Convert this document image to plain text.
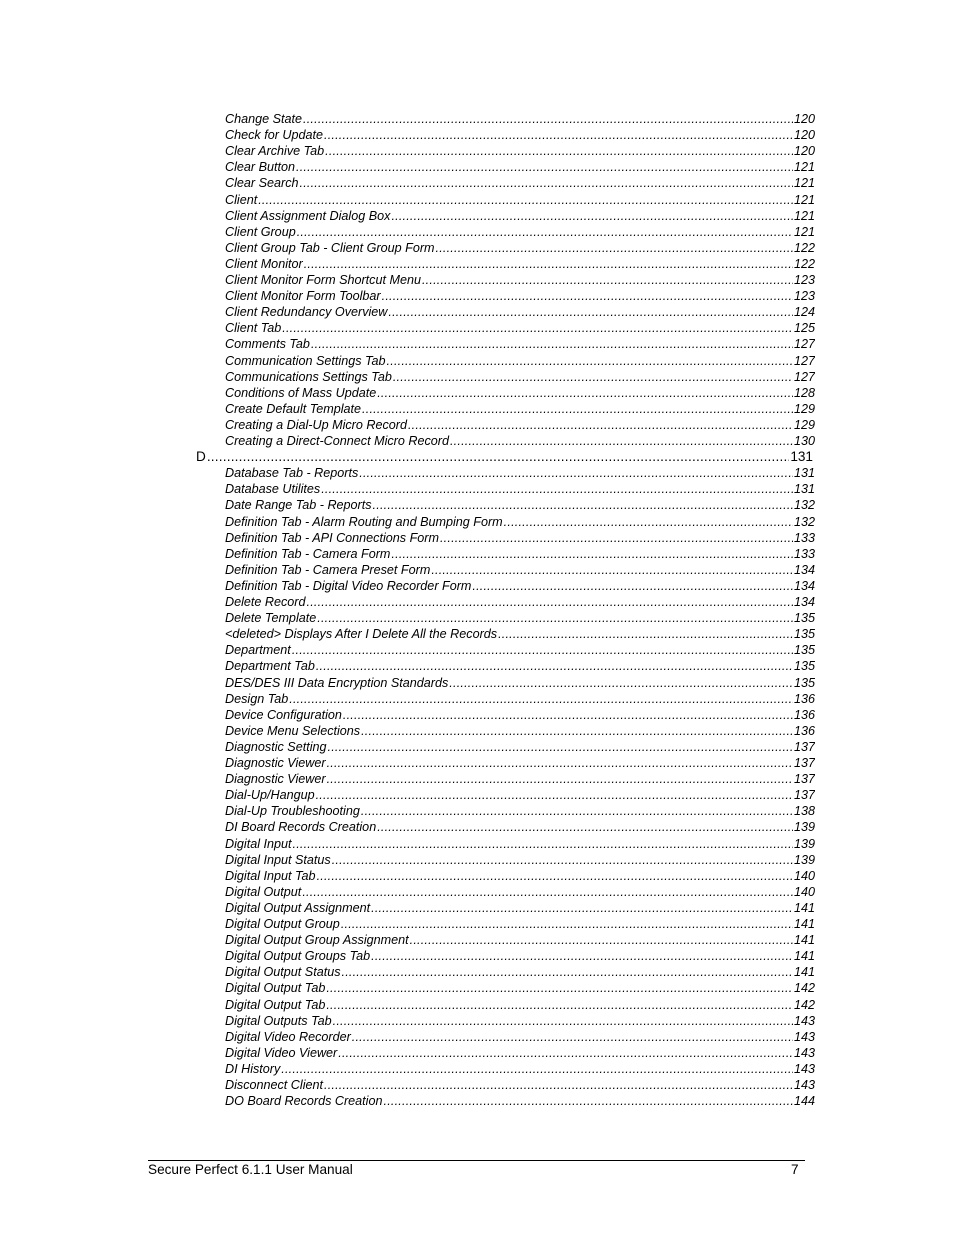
Change State .....	120
Check for Update .....	120
Clear Archive Tab .....	120
Clear Button .....	121
Clear Search .....	121
Client .....	121
Client Assignment Dialog Box .....	121
Client Group .....	121
Client Group Tab - Client Group Form .....	122
Client Monitor .....	122
Client Monitor Form Shortcut Menu .....	123
Client Monitor Form Toolbar .....	123
Client Redundancy Overview .....	124
Client Tab .....	125
Comments Tab .....	127
Communication Settings Tab .....	127
Communications Settings Tab .....	127
Conditions of Mass Update .....	128
Create Default Template .....	129
Creating a Dial-Up Micro Record .....	129
Creating a Direct-Connect Micro Record .....	130
D .....	131
Database Tab - Reports .....	131
Database Utilites .....	131
Date Range Tab - Reports .....	132
Definition Tab - Alarm Routing and Bumping Form .....	132
Definition Tab - API Connections Form .....	133
Definition Tab - Camera Form .....	133
Definition Tab - Camera Preset Form .....	134
Definition Tab - Digital Video Recorder Form .....	134
Delete Record .....	134
Delete Template .....	135
<deleted> Displays After I Delete All the Records .....	135
Department .....	135
Department Tab .....	135
DES/DES III Data Encryption Standards .....	135
Design Tab .....	136
Device Configuration .....	136
Device Menu Selections .....	136
Diagnostic Setting .....	137
Diagnostic Viewer .....	137
Diagnostic Viewer .....	137
Dial-Up/Hangup .....	137
Dial-Up Troubleshooting .....	138
DI Board Records Creation .....	139
Digital Input .....	139
Digital Input Status .....	139
Digital Input Tab .....	140
Digital Output .....	140
Digital Output Assignment .....	141
Digital Output Group .....	141
Digital Output Group Assignment .....	141
Digital Output Groups Tab .....	141
Digital Output Status .....	141
Digital Output Tab .....	142
Digital Output Tab .....	142
Digital Outputs Tab .....	143
Digital Video Recorder .....	143
Digital Video Viewer .....	143
DI History .....	143
Disconnect Client .....	143
DO Board Records Creation .....	144
Secure Perfect 6.1.1 User Manual	7
